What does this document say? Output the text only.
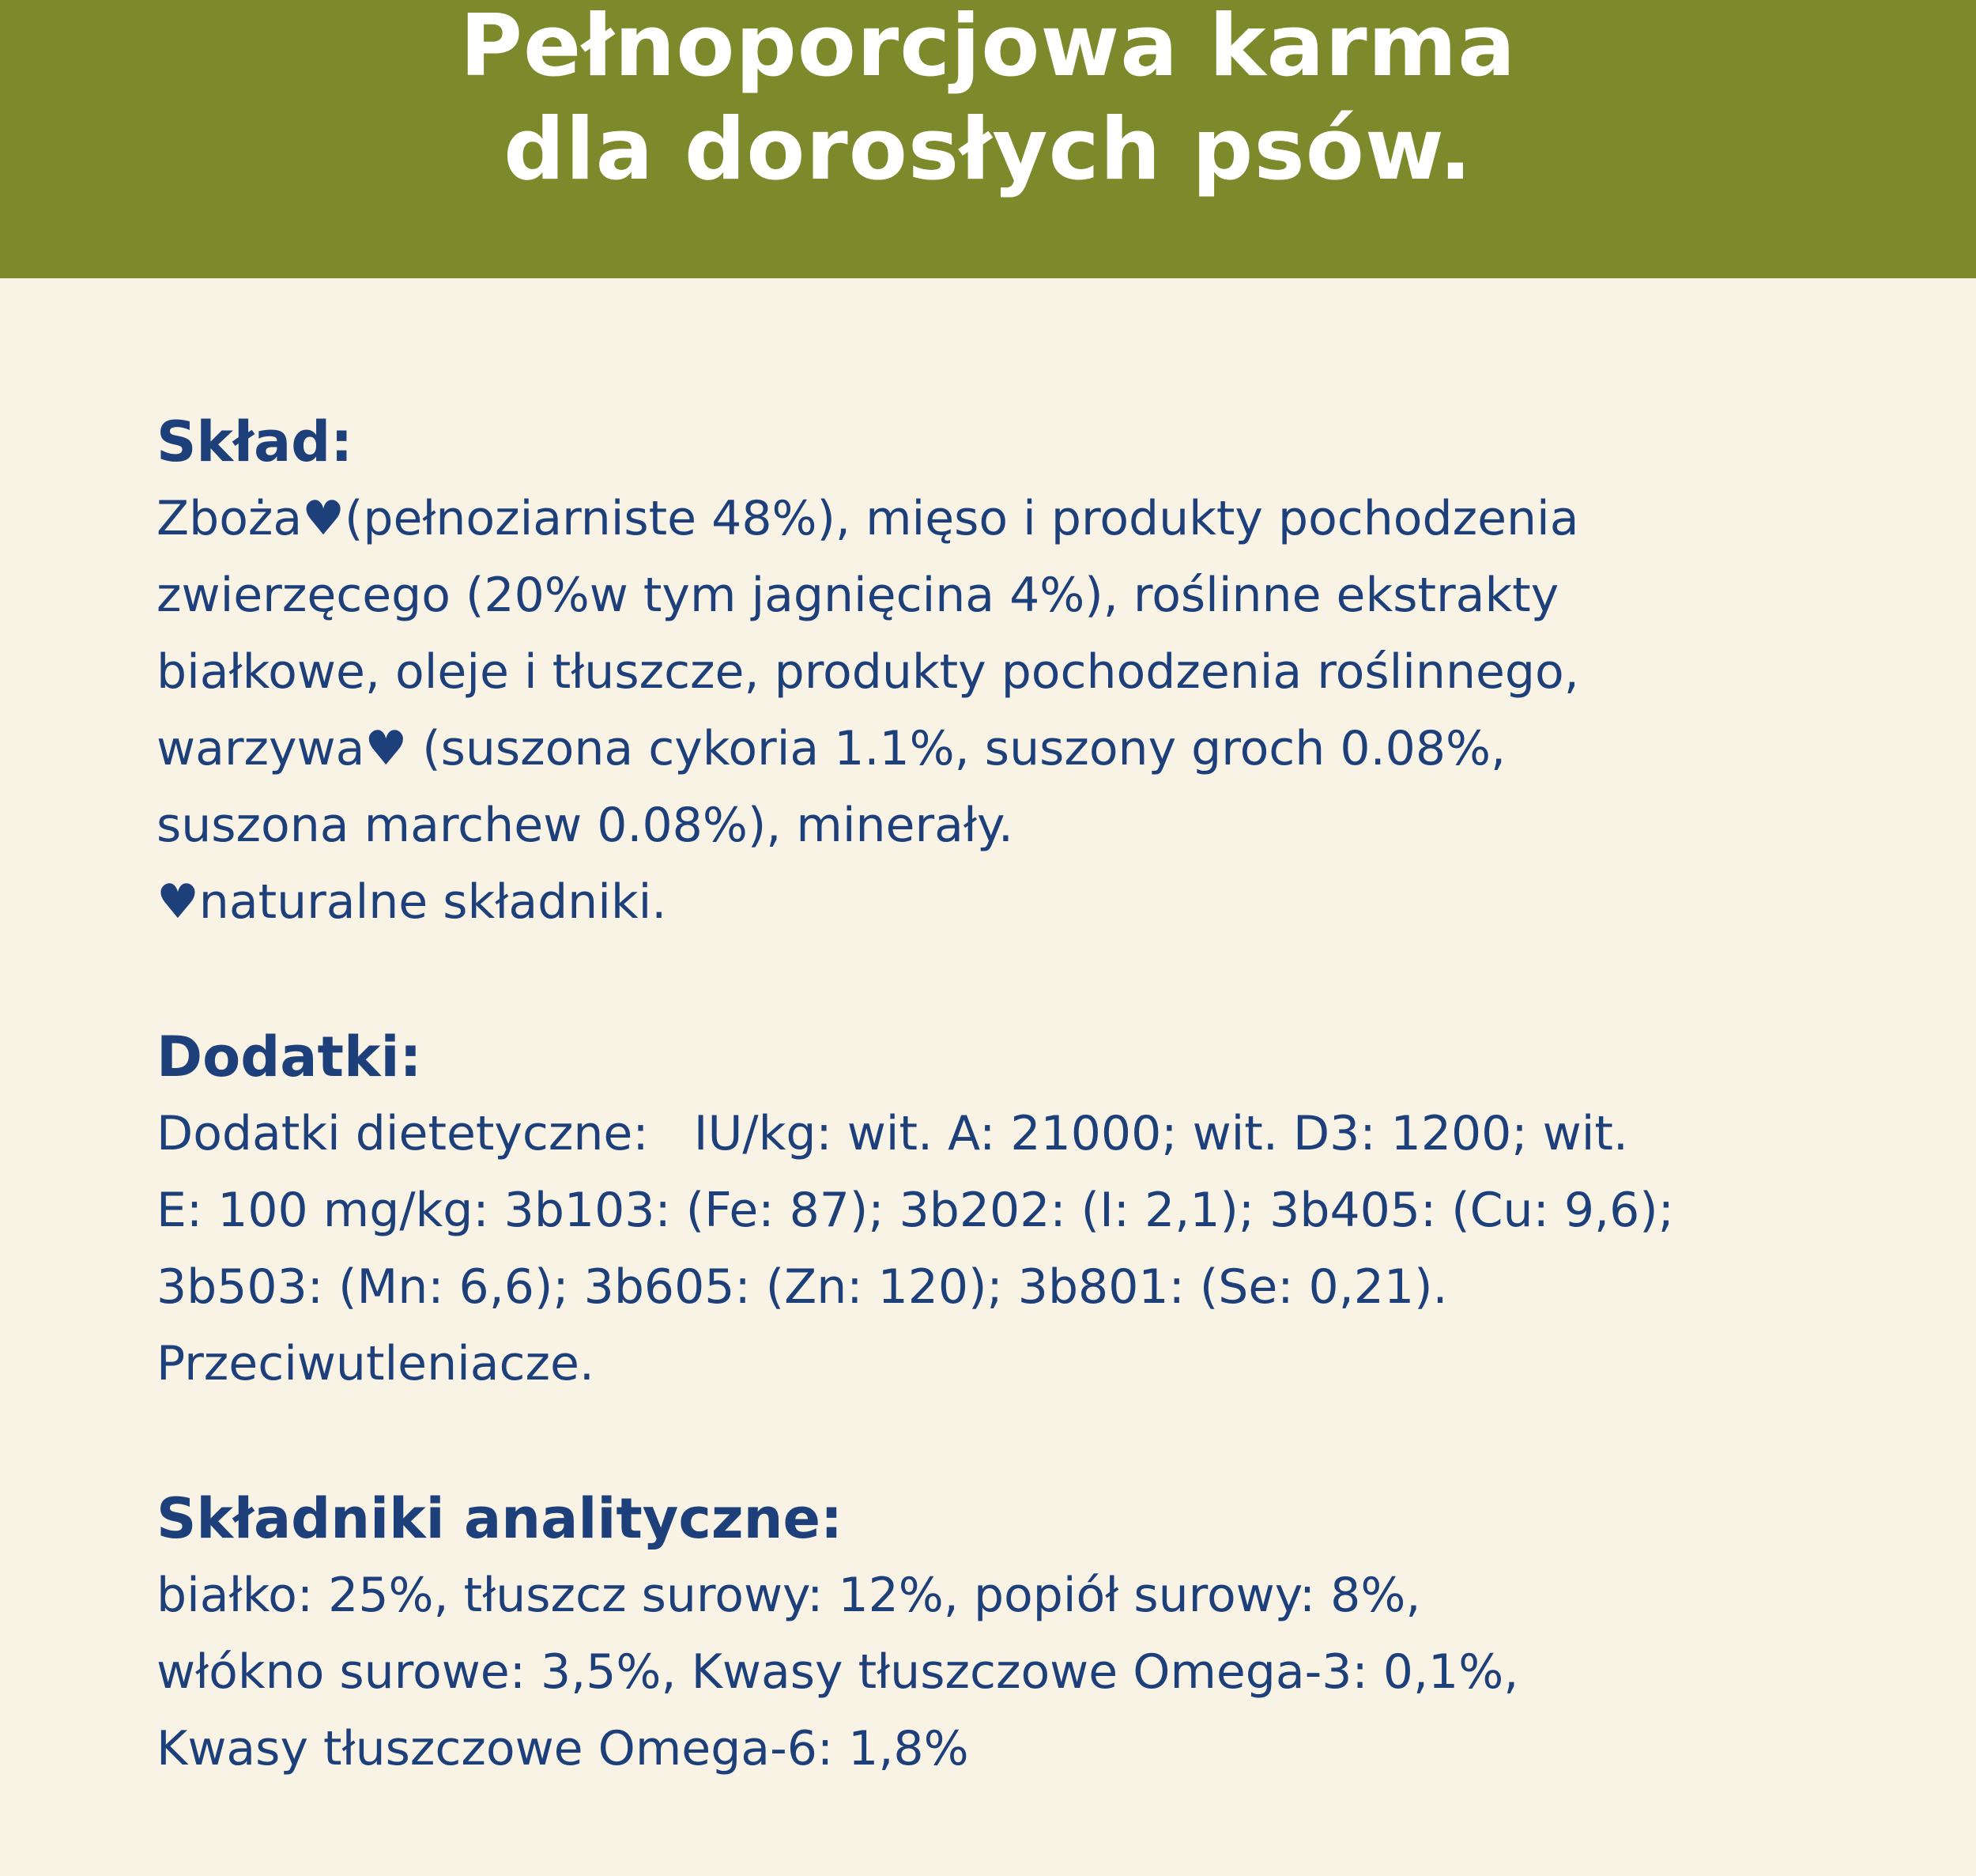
Pełnoporcjowa karma
dla dorosłych psów.
Skład:

Zboża♥(pełnoziarniste 48%), mięso i produkty pochodzenia

zwierzęcego (20%w tym jagnięcina 4%), roślinne ekstrakty

białkowe, oleje i tłuszcze, produkty pochodzenia roślinnego,

warzywa♥ (suszona cykoria 1.1%, suszony groch 0.08%,

suszona marchew 0.08%), minerały.

♥naturalne składniki.

Dodatki:

Dodatki dietetyczne:   IU/kg: wit. A: 21000; wit. D3: 1200; wit.

E: 100 mg/kg: 3b103: (Fe: 87); 3b202: (I: 2,1); 3b405: (Cu: 9,6);

3b503: (Mn: 6,6); 3b605: (Zn: 120); 3b801: (Se: 0,21).

Przeciwutleniacze.

Składniki analityczne:

białko: 25%, tłuszcz surowy: 12%, popiół surowy: 8%,

włókno surowe: 3,5%, Kwasy tłuszczowe Omega-3: 0,1%,

Kwasy tłuszczowe Omega-6: 1,8%
